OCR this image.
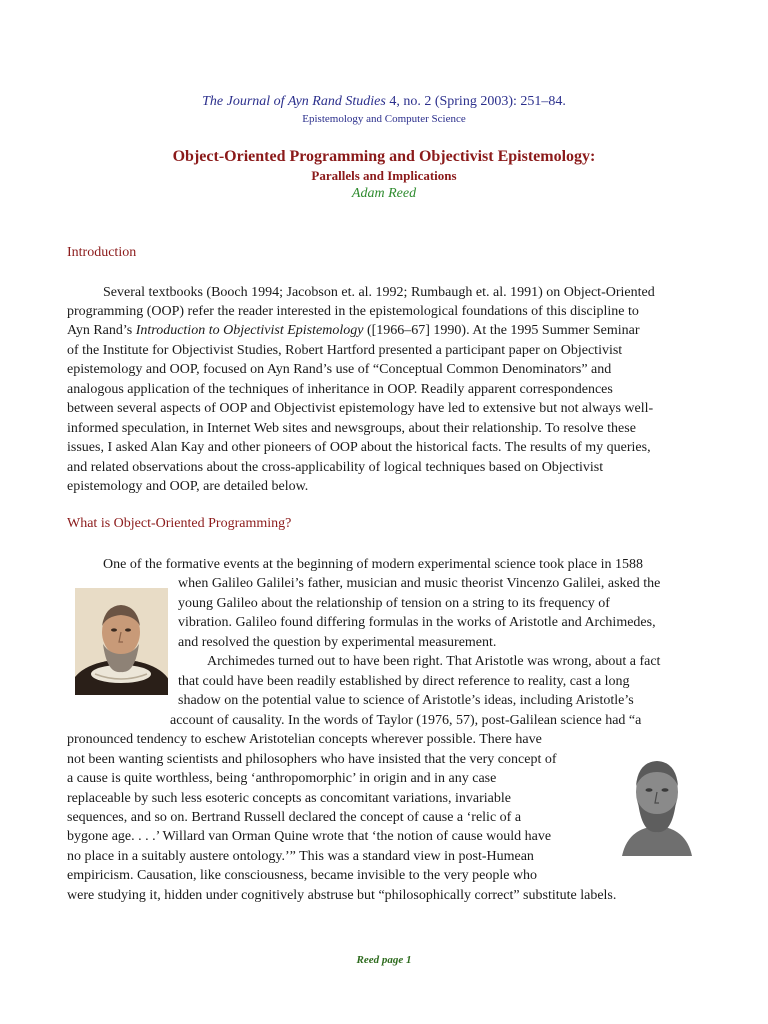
The Journal of Ayn Rand Studies 4, no. 2 (Spring 2003): 251–84.
Epistemology and Computer Science
Object-Oriented Programming and Objectivist Epistemology:
Parallels and Implications
Adam Reed
Introduction
Several textbooks (Booch 1994; Jacobson et. al. 1992; Rumbaugh et. al. 1991) on Object-Oriented
programming (OOP) refer the reader interested in the epistemological foundations of this discipline to
Ayn Rand’s Introduction to Objectivist Epistemology ([1966–67] 1990). At the 1995 Summer Seminar
of the Institute for Objectivist Studies, Robert Hartford presented a participant paper on Objectivist
epistemology and OOP, focused on Ayn Rand’s use of “Conceptual Common Denominators” and
analogous application of the techniques of inheritance in OOP. Readily apparent correspondences
between several aspects of OOP and Objectivist epistemology have led to extensive but not always well-
informed speculation, in Internet Web sites and newsgroups, about their relationship. To resolve these
issues, I asked Alan Kay and other pioneers of OOP about the historical facts. The results of my queries,
and related observations about the cross-applicability of logical techniques based on Objectivist
epistemology and OOP, are detailed below.
What is Object-Oriented Programming?
One of the formative events at the beginning of modern experimental science took place in 1588
when Galileo Galilei’s father, musician and music theorist Vincenzo Galilei, asked the
young Galileo about the relationship of tension on a string to its frequency of
vibration. Galileo found differing formulas in the works of Aristotle and Archimedes,
and resolved the question by experimental measurement.
Archimedes turned out to have been right. That Aristotle was wrong, about a fact
that could have been readily established by direct reference to reality, cast a long
shadow on the potential value to science of Aristotle’s ideas, including Aristotle’s
account of causality. In the words of Taylor (1976, 57), post-Galilean science had “a
pronounced tendency to eschew Aristotelian concepts wherever possible. There have
not been wanting scientists and philosophers who have insisted that the very concept of
a cause is quite worthless, being ‘anthropomorphic’ in origin and in any case
replaceable by such less esoteric concepts as concomitant variations, invariable
sequences, and so on. Bertrand Russell declared the concept of cause a ‘relic of a
bygone age. . . .’ Willard van Orman Quine wrote that ‘the notion of cause would have
no place in a suitably austere ontology.’” This was a standard view in post-Humean
empiricism. Causation, like consciousness, became invisible to the very people who
were studying it, hidden under cognitively abstruse but “philosophically correct” substitute labels.
Reed page 1
